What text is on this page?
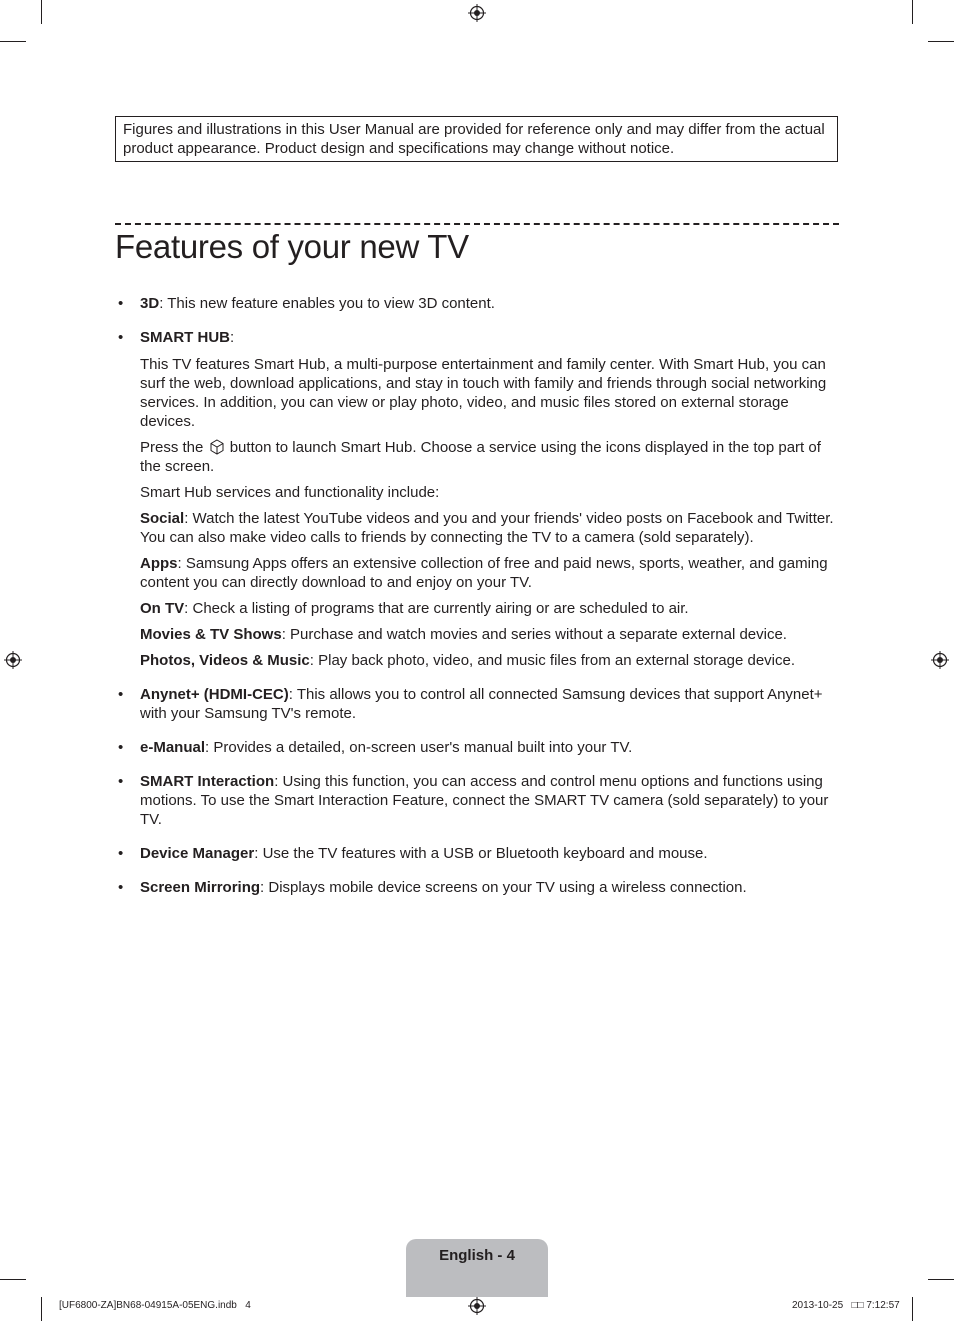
Figures and illustrations in this User Manual are provided for reference only and may differ from the actual product appearance. Product design and specifications may change without notice.
Features of your new TV
• 3D: This new feature enables you to view 3D content.

• SMART HUB:

This TV features Smart Hub, a multi-purpose entertainment and family center. With Smart Hub, you can surf the web, download applications, and stay in touch with family and friends through social networking services. In addition, you can view or play photo, video, and music files stored on external storage devices.

Press the button to launch Smart Hub. Choose a service using the icons displayed in the top part of the screen.

Smart Hub services and functionality include:

Social: Watch the latest YouTube videos and you and your friends' video posts on Facebook and Twitter. You can also make video calls to friends by connecting the TV to a camera (sold separately).

Apps: Samsung Apps offers an extensive collection of free and paid news, sports, weather, and gaming content you can directly download to and enjoy on your TV.

On TV: Check a listing of programs that are currently airing or are scheduled to air.

Movies & TV Shows: Purchase and watch movies and series without a separate external device.

Photos, Videos & Music: Play back photo, video, and music files from an external storage device.

• Anynet+ (HDMI-CEC): This allows you to control all connected Samsung devices that support Anynet+ with your Samsung TV's remote.
• e-Manual: Provides a detailed, on-screen user's manual built into your TV.
• SMART Interaction: Using this function, you can access and control menu options and functions using motions. To use the Smart Interaction Feature, connect the SMART TV camera (sold separately) to your TV.
• Device Manager: Use the TV features with a USB or Bluetooth keyboard and mouse.
• Screen Mirroring: Displays mobile device screens on your TV using a wireless connection.
English - 4
[UF6800-ZA]BN68-04915A-05ENG.indb   4	2013-10-25   □□ 7:12:57
